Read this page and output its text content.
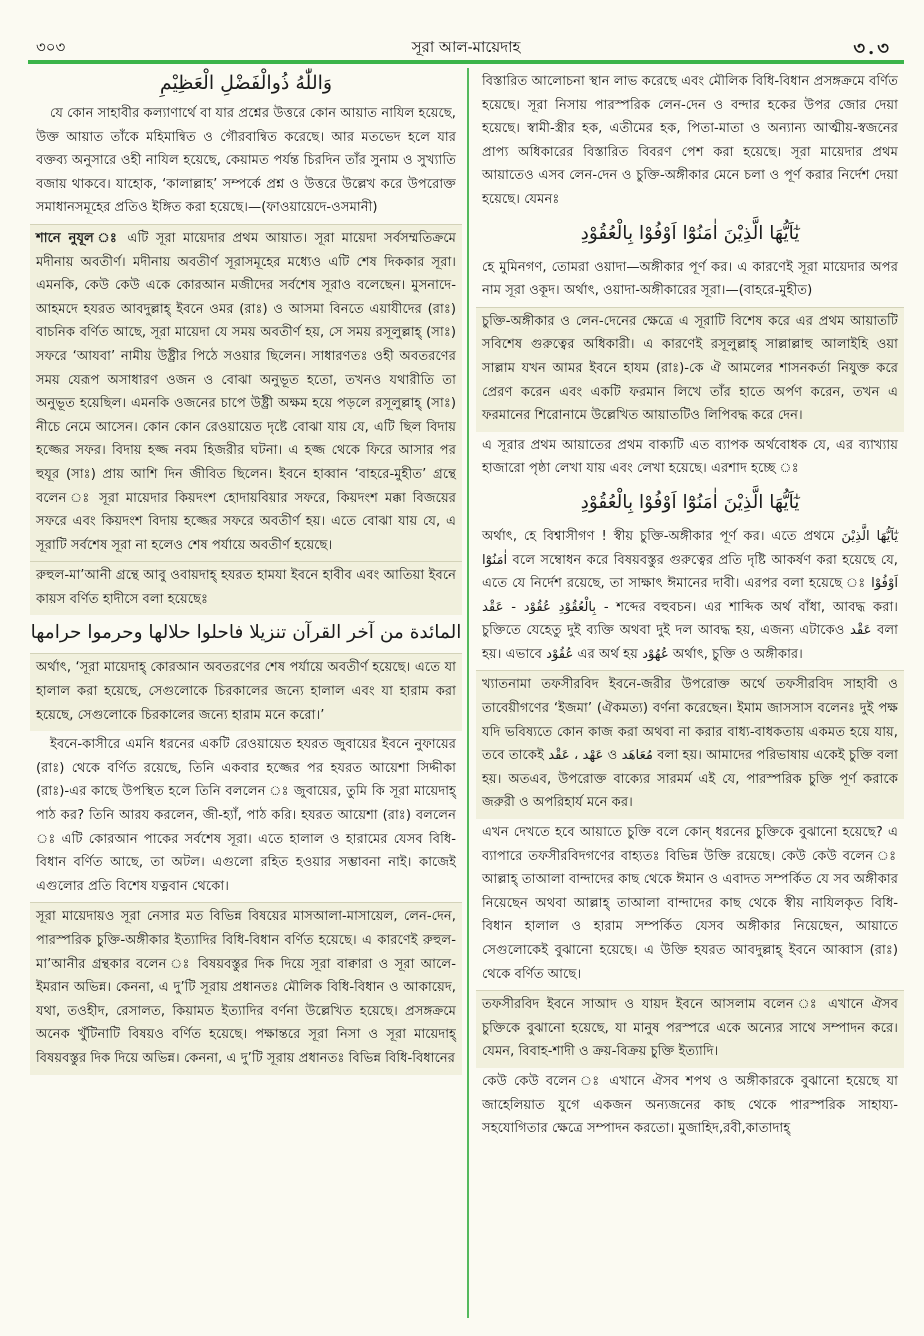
৩০৩	সূরা আল-মায়েদাহ	৩.৩
وَاللّٰهُ ذُوالْفَضْلِ الْعَظِيْمِ

যে কোন সাহাবীর কল্যাণার্থে বা যার প্রশ্নের উত্তরে কোন আয়াত নাযিল হয়েছে, উক্ত আয়াত তাঁকে মহিমান্বিত ও গৌরবান্বিত করেছে। আর মতভেদ হলে যার বক্তব্য অনুসারে ওহী নাযিল হয়েছে, কেয়ামত পর্যন্ত চিরদিন তাঁর সুনাম ও সুখ্যাতি বজায় থাকবে। যাহোক, ‘কালাল্লাহ’ সম্পর্কে প্রশ্ন ও উত্তরে উল্লেখ করে উপরোক্ত সমাধানসমূহের প্রতিও ইঙ্গিত করা হয়েছে।—(ফাওয়ায়েদে-ওসমানী)

শানে নুযূল ঃ এটি সূরা মায়েদার প্রথম আয়াত। সূরা মায়েদা সর্বসম্মতিক্রমে মদীনায় অবতীর্ণ। মদীনায় অবতীর্ণ সূরাসমূহের মধ্যেও এটি শেষ দিককার সূরা। এমনকি, কেউ কেউ একে কোরআন মজীদের সর্বশেষ সূরাও বলেছেন। মুসনাদে-আহমদে হযরত আবদুল্লাহ্ ইবনে ওমর (রাঃ) ও আসমা বিনতে এয়াযীদের (রাঃ) বাচনিক বর্ণিত আছে, সূরা মায়েদা যে সময় অবতীর্ণ হয়, সে সময় রসূলুল্লাহ্ (সাঃ) সফরে ‘আযবা’ নামীয় উষ্ট্রীর পিঠে সওয়ার ছিলেন। সাধারণতঃ ওহী অবতরণের সময় যেরূপ অসাধারণ ওজন ও বোঝা অনুভূত হতো, তখনও যথারীতি তা অনুভূত হয়েছিল। এমনকি ওজনের চাপে উষ্ট্রী অক্ষম হয়ে পড়লে রসূলুল্লাহ্ (সাঃ) নীচে নেমে আসেন। কোন কোন রেওয়ায়েত দৃষ্টে বোঝা যায় যে, এটি ছিল বিদায় হজ্জের সফর। বিদায় হজ্জ নবম হিজরীর ঘটনা। এ হজ্জ থেকে ফিরে আসার পর হুযূর (সাঃ) প্রায় আশি দিন জীবিত ছিলেন। ইবনে হাব্বান ‘বাহরে-মুহীত’ গ্রন্থে বলেন ঃ সূরা মায়েদার কিয়দংশ হোদায়বিয়ার সফরে, কিয়দংশ মক্কা বিজয়ের সফরে এবং কিয়দংশ বিদায় হজ্জের সফরে অবতীর্ণ হয়। এতে বোঝা যায় যে, এ সূরাটি সর্বশেষ সূরা না হলেও শেষ পর্যায়ে অবতীর্ণ হয়েছে।

রুহুল-মা’আনী গ্রন্থে আবু ওবায়দাহ্ হযরত হামযা ইবনে হাবীব এবং আতিয়া ইবনে কায়স বর্ণিত হাদীসে বলা হয়েছেঃ

المائدة من آخر القرآن تنزيلا فاحلوا حلالها وحرموا حرامها

অর্থাৎ, ‘সূরা মায়েদাহ্ কোরআন অবতরণের শেষ পর্যায়ে অবতীর্ণ হয়েছে। এতে যা হালাল করা হয়েছে, সেগুলোকে চিরকালের জন্যে হালাল এবং যা হারাম করা হয়েছে, সেগুলোকে চিরকালের জন্যে হারাম মনে করো।’

ইবনে-কাসীরে এমনি ধরনের একটি রেওয়ায়েত হযরত জুবায়ের ইবনে নুফায়ের (রাঃ) থেকে বর্ণিত রয়েছে, তিনি একবার হজ্জের পর হযরত আয়েশা সিদ্দীকা (রাঃ)-এর কাছে উপস্থিত হলে তিনি বললেন ঃ জুবায়ের, তুমি কি সূরা মায়েদাহ্ পাঠ কর? তিনি আরয করলেন, জী-হ্যাঁ, পাঠ করি। হযরত আয়েশা (রাঃ) বললেন ঃ এটি কোরআন পাকের সর্বশেষ সূরা। এতে হালাল ও হারামের যেসব বিধি-বিধান বর্ণিত আছে, তা অটল। এগুলো রহিত হওয়ার সম্ভাবনা নাই। কাজেই এগুলোর প্রতি বিশেষ যত্নবান থেকো।

সূরা মায়েদায়ও সূরা নেসার মত বিভিন্ন বিষয়ের মাসআলা-মাসায়েল, লেন-দেন, পারস্পরিক চুক্তি-অঙ্গীকার ইত্যাদির বিধি-বিধান বর্ণিত হয়েছে। এ কারণেই রুহুল-মা’আনীর গ্রন্থকার বলেন ঃ বিষয়বস্তুর দিক দিয়ে সূরা বাক্বারা ও সূরা আলে-ইমরান অভিন্ন। কেননা, এ দু’টি সূরায় প্রধানতঃ মৌলিক বিধি-বিধান ও আকায়েদ, যথা, তওহীদ, রেসালত, কিয়ামত ইত্যাদির বর্ণনা উল্লেখিত হয়েছে। প্রসঙ্গক্রমে অনেক খুঁটিনাটি বিষয়ও বর্ণিত হয়েছে। পক্ষান্তরে সূরা নিসা ও সূরা মায়েদাহ্ বিষয়বস্তুর দিক দিয়ে অভিন্ন। কেননা, এ দু’টি সূরায় প্রধানতঃ বিভিন্ন বিধি-বিধানের

বিস্তারিত আলোচনা স্থান লাভ করেছে এবং মৌলিক বিধি-বিধান প্রসঙ্গক্রমে বর্ণিত হয়েছে। সূরা নিসায় পারস্পরিক লেন-দেন ও বন্দার হকের উপর জোর দেয়া হয়েছে। স্বামী-স্ত্রীর হক, এতীমের হক, পিতা-মাতা ও অন্যান্য আত্মীয়-স্বজনের প্রাপ্য অধিকারের বিস্তারিত বিবরণ পেশ করা হয়েছে। সূরা মায়েদার প্রথম আয়াতেও এসব লেন-দেন ও চুক্তি-অঙ্গীকার মেনে চলা ও পূর্ণ করার নির্দেশ দেয়া হয়েছে। যেমনঃ

يٰٓاَيُّهَا الَّذِيْنَ اٰمَنُوْٓا اَوْفُوْا بِالْعُقُوْدِ

হে মুমিনগণ, তোমরা ওয়াদা—অঙ্গীকার পূর্ণ কর। এ কারণেই সূরা মায়েদার অপর নাম সূরা ওকূদ। অর্থাৎ, ওয়াদা-অঙ্গীকারের সূরা।—(বাহরে-মুহীত)

চুক্তি-অঙ্গীকার ও লেন-দেনের ক্ষেত্রে এ সূরাটি বিশেষ করে এর প্রথম আয়াতটি সবিশেষ গুরুত্বের অধিকারী। এ কারণেই রসূলুল্লাহ্ সাল্লাল্লাহু আলাইহি ওয়া সাল্লাম যখন আমর ইবনে হাযম (রাঃ)-কে ঐ আমলের শাসনকর্তা নিযুক্ত করে প্রেরণ করেন এবং একটি ফরমান লিখে তাঁর হাতে অর্পণ করেন, তখন এ ফরমানের শিরোনামে উল্লেখিত আয়াতটিও লিপিবদ্ধ করে দেন।

এ সূরার প্রথম আয়াতের প্রথম বাক্যটি এত ব্যাপক অর্থবোধক যে, এর ব্যাখ্যায় হাজারো পৃষ্ঠা লেখা যায় এবং লেখা হয়েছে। এরশাদ হচ্ছে ঃ

يٰٓاَيُّهَا الَّذِيْنَ اٰمَنُوْٓا اَوْفُوْا بِالْعُقُوْدِ

অর্থাৎ, হে বিশ্বাসীগণ ! স্বীয় চুক্তি-অঙ্গীকার পূর্ণ কর। এতে প্রথমে يٰٓاَيُّهَا الَّذِيْنَ اٰمَنُوْٓا বলে সম্বোধন করে বিষয়বস্তুর গুরুত্বের প্রতি দৃষ্টি আকর্ষণ করা হয়েছে যে, এতে যে নির্দেশ রয়েছে, তা সাক্ষাৎ ঈমানের দাবী। এরপর বলা হয়েছে ঃ اَوْفُوْا بِالْعُقُوْدِ عُقُوْد - عَقْد - শব্দের বহুবচন। এর শাব্দিক অর্থ বাঁধা, আবদ্ধ করা। চুক্তিতে যেহেতু দুই ব্যক্তি অথবা দুই দল আবদ্ধ হয়, এজন্য এটাকেও عَقْد বলা হয়। এভাবে عُقُوْد এর অর্থ হয় عُهُوْد অর্থাৎ, চুক্তি ও অঙ্গীকার।

খ্যাতনামা তফসীরবিদ ইবনে-জরীর উপরোক্ত অর্থে তফসীরবিদ সাহাবী ও তাবেয়ীগণের ‘ইজমা’ (ঐকমত্য) বর্ণনা করেছেন। ইমাম জাসসাস বলেনঃ দুই পক্ষ যদি ভবিষ্যতে কোন কাজ করা অথবা না করার বাধ্য-বাধকতায় একমত হয়ে যায়, তবে তাকেই عَهْد ، عَقْد ও مُعَاهَد বলা হয়। আমাদের পরিভাষায় একেই চুক্তি বলা হয়। অতএব, উপরোক্ত বাক্যের সারমর্ম এই যে, পারস্পরিক চুক্তি পূর্ণ করাকে জরুরী ও অপরিহার্য মনে কর।

এখন দেখতে হবে আয়াতে চুক্তি বলে কোন্ ধরনের চুক্তিকে বুঝানো হয়েছে? এ ব্যাপারে তফসীরবিদগণের বাহ্যতঃ বিভিন্ন উক্তি রয়েছে। কেউ কেউ বলেন ঃ আল্লাহ্ তাআলা বান্দাদের কাছ থেকে ঈমান ও এবাদত সম্পর্কিত যে সব অঙ্গীকার নিয়েছেন অথবা আল্লাহ্ তাআলা বান্দাদের কাছ থেকে স্বীয় নাযিলকৃত বিধি-বিধান হালাল ও হারাম সম্পর্কিত যেসব অঙ্গীকার নিয়েছেন, আয়াতে সেগুলোকেই বুঝানো হয়েছে। এ উক্তি হযরত আবদুল্লাহ্ ইবনে আব্বাস (রাঃ) থেকে বর্ণিত আছে।

তফসীরবিদ ইবনে সাআদ ও যায়দ ইবনে আসলাম বলেন ঃ এখানে ঐসব চুক্তিকে বুঝানো হয়েছে, যা মানুষ পরস্পরে একে অন্যের সাথে সম্পাদন করে। যেমন, বিবাহ-শাদী ও ক্রয়-বিক্রয় চুক্তি ইত্যাদি।

কেউ কেউ বলেন ঃ এখানে ঐসব শপথ ও অঙ্গীকারকে বুঝানো হয়েছে যা জাহেলিয়াত যুগে একজন অন্যজনের কাছ থেকে পারস্পরিক সাহায্য-সহযোগিতার ক্ষেত্রে সম্পাদন করতো। মুজাহিদ,রবী,কাতাদাহ্
